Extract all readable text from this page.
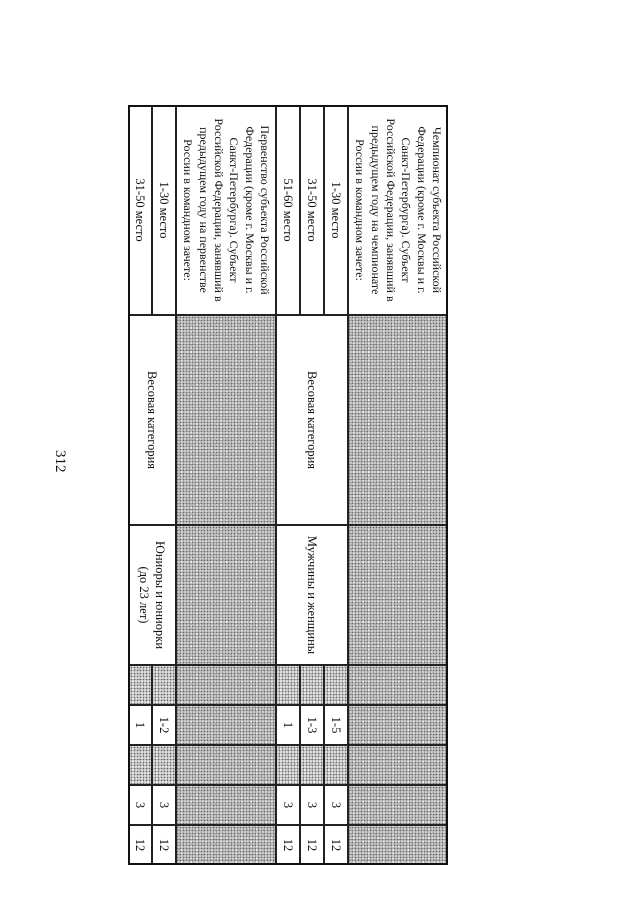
312
Чемпионат субъекта Российской Федерации (кроме г. Москвы и г. Санкт-Петербурга). Субъект Российской Федерации, занявший в предыдущем году на чемпионате России в командном зачете:
Весовая категория
Мужчины и женщины
1-30 место
1-5
3
12
31-50 место
1-3
3
12
51-60 место
1
3
12
Первенство субъекта Российской Федерации (кроме г. Москвы и г. Санкт-Петербурга). Субъект Российской Федерации, занявший в предыдущем году на первенстве России в командном зачете:
Весовая категория
Юниоры и юниорки (до 23 лет)
1-30 место
1-2
3
12
31-50 место
1
3
12
